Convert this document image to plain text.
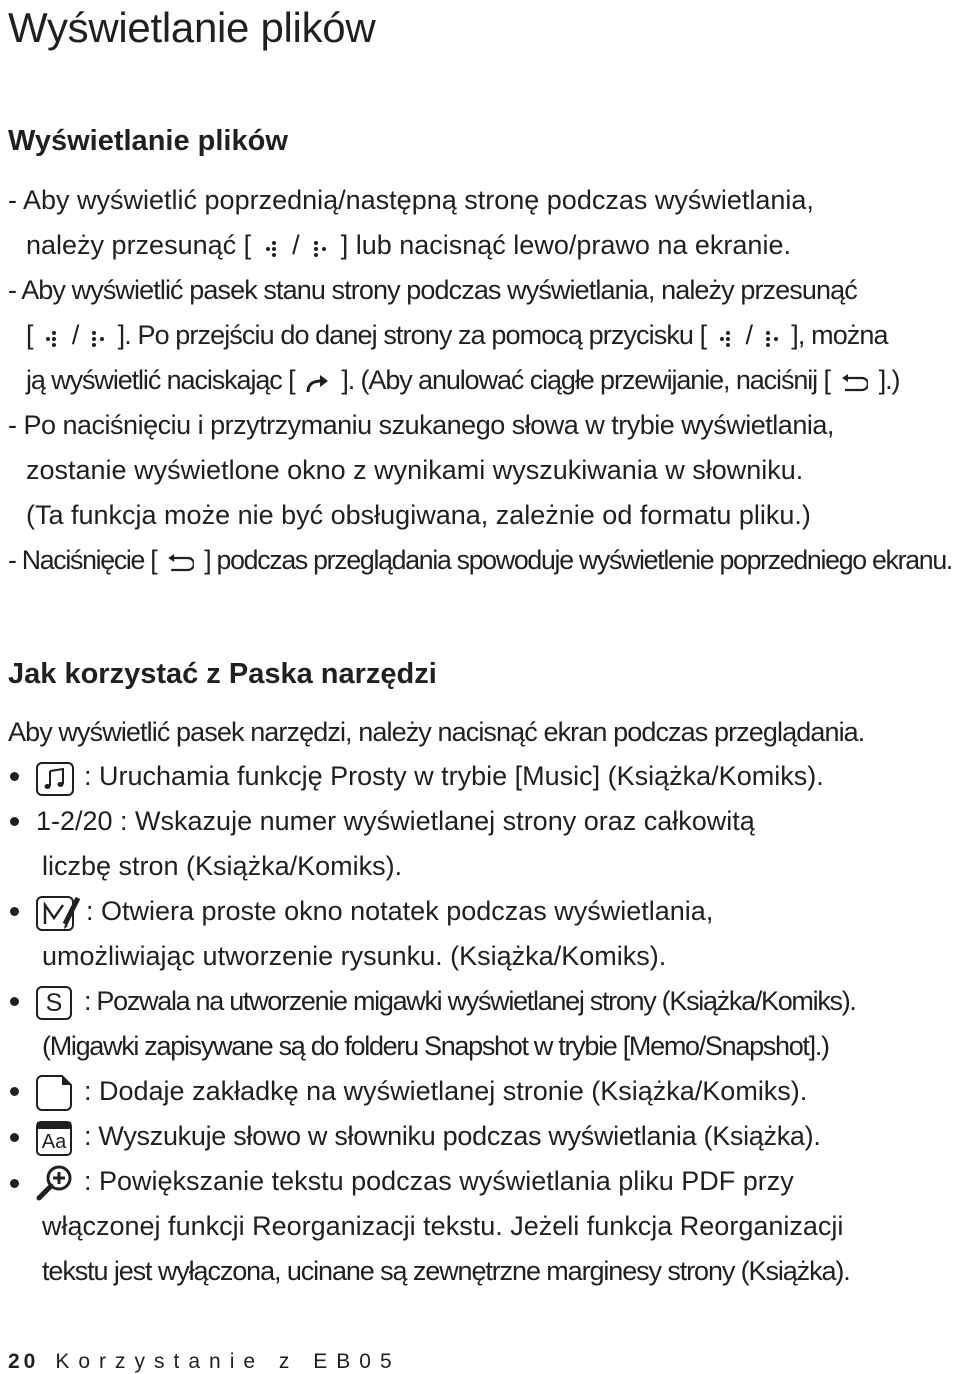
Wyświetlanie plików
Wyświetlanie plików
- Aby wyświetlić poprzednią/następną stronę podczas wyświetlania,
należy przesunąć [ / ] lub nacisnąć lewo/prawo na ekranie.
- Aby wyświetlić pasek stanu strony podczas wyświetlania, należy przesunąć
[ / ]. Po przejściu do danej strony za pomocą przycisku [ / ], można
ją wyświetlić naciskając [ ]. (Aby anulować ciągłe przewijanie, naciśnij [ ].)
- Po naciśnięciu i przytrzymaniu szukanego słowa w trybie wyświetlania,
zostanie wyświetlone okno z wynikami wyszukiwania w słowniku.
(Ta funkcja może nie być obsługiwana, zależnie od formatu pliku.)
- Naciśnięcie [ ] podczas przeglądania spowoduje wyświetlenie poprzedniego ekranu.
Jak korzystać z Paska narzędzi
Aby wyświetlić pasek narzędzi, należy nacisnąć ekran podczas przeglądania.
: Uruchamia funkcję Prosty w trybie [Music] (Książka/Komiks).
1-2/20 : Wskazuje numer wyświetlanej strony oraz całkowitą
liczbę stron (Książka/Komiks).
: Otwiera proste okno notatek podczas wyświetlania,
umożliwiając utworzenie rysunku. (Książka/Komiks).
S : Pozwala na utworzenie migawki wyświetlanej strony (Książka/Komiks).
(Migawki zapisywane są do folderu Snapshot w trybie [Memo/Snapshot].)
: Dodaje zakładkę na wyświetlanej stronie (Książka/Komiks).
Aa : Wyszukuje słowo w słowniku podczas wyświetlania (Książka).
: Powiększanie tekstu podczas wyświetlania pliku PDF przy
włączonej funkcji Reorganizacji tekstu. Jeżeli funkcja Reorganizacji
tekstu jest wyłączona, ucinane są zewnętrzne marginesy strony (Książka).
20 Korzystanie z EB05
